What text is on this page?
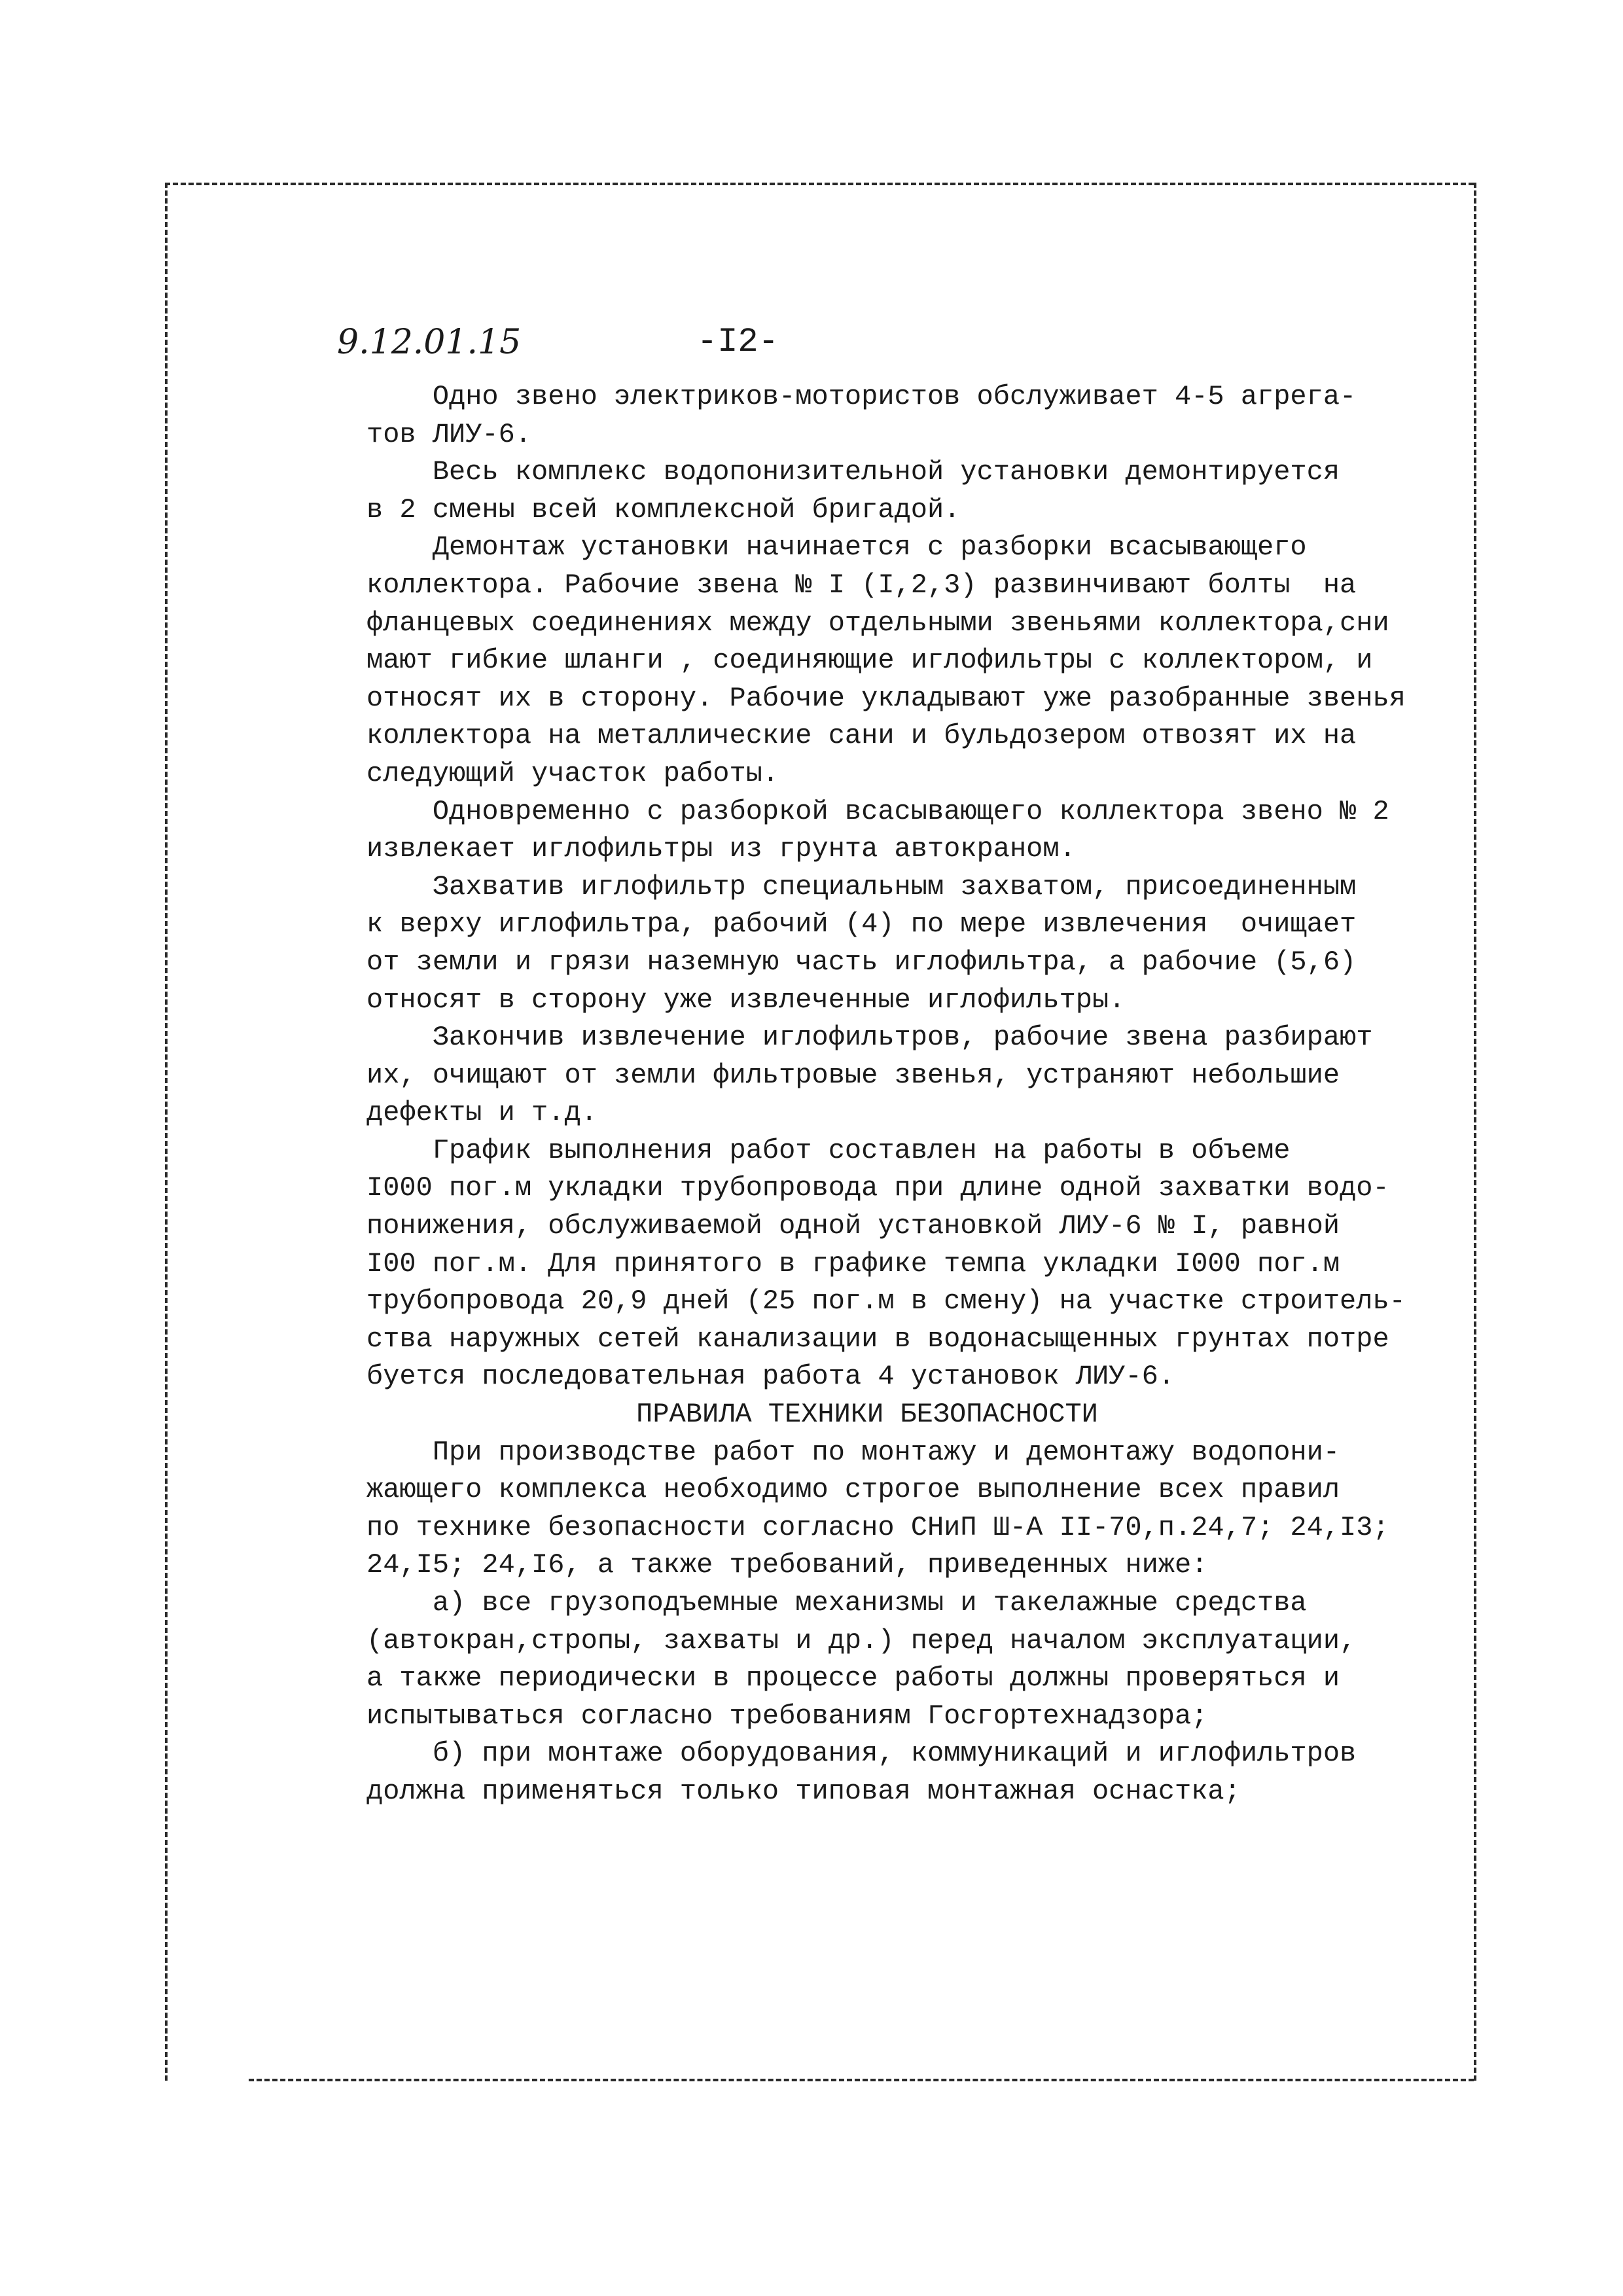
9.12.01.15	-I2-
Одно звено электриков-мотористов обслуживает 4-5 агрега-
тов ЛИУ-6.
Весь комплекс водопонизительной установки демонтируется
в 2 смены всей комплексной бригадой.
Демонтаж установки начинается с разборки всасывающего
коллектора. Рабочие звена № I (I,2,3) развинчивают болты  на
фланцевых соединениях между отдельными звеньями коллектора,сни
мают гибкие шланги , соединяющие иглофильтры с коллектором, и
относят их в сторону. Рабочие укладывают уже разобранные звенья
коллектора на металлические сани и бульдозером отвозят их на
следующий участок работы.
Одновременно с разборкой всасывающего коллектора звено № 2
извлекает иглофильтры из грунта автокраном.
Захватив иглофильтр специальным захватом, присоединенным
к верху иглофильтра, рабочий (4) по мере извлечения  очищает
от земли и грязи наземную часть иглофильтра, а рабочие (5,6)
относят в сторону уже извлеченные иглофильтры.
Закончив извлечение иглофильтров, рабочие звена разбирают
их, очищают от земли фильтровые звенья, устраняют небольшие
дефекты и т.д.
График выполнения работ составлен на работы в объеме
I000 пог.м укладки трубопровода при длине одной захватки водо-
понижения, обслуживаемой одной установкой ЛИУ-6 № I, равной
I00 пог.м. Для принятого в графике темпа укладки I000 пог.м
трубопровода 20,9 дней (25 пог.м в смену) на участке строитель-
ства наружных сетей канализации в водонасыщенных грунтах потре
буется последовательная работа 4 установок ЛИУ-6.
ПРАВИЛА ТЕХНИКИ БЕЗОПАСНОСТИ
При производстве работ по монтажу и демонтажу водопони-
жающего комплекса необходимо строгое выполнение всех правил
по технике безопасности согласно СНиП Ш-А II-70,п.24,7; 24,I3;
24,I5; 24,I6, а также требований, приведенных ниже:
а) все грузоподъемные механизмы и такелажные средства
(автокран,стропы, захваты и др.) перед началом эксплуатации,
а также периодически в процессе работы должны проверяться и
испытываться согласно требованиям Госгортехнадзора;
б) при монтаже оборудования, коммуникаций и иглофильтров
должна применяться только типовая монтажная оснастка;
